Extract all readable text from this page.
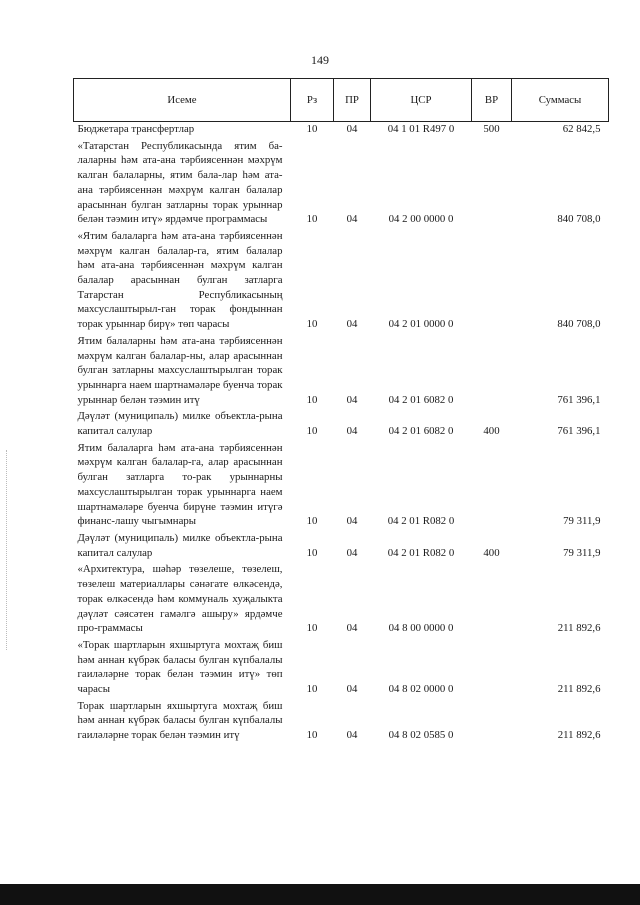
149
Исеме	Рз	ПР	ЦСР	ВР	Суммасы
Бюджетара трансфертлар	10	04	04 1 01 R497 0	500	62 842,5
«Татарстан Республикасында ятим ба-лаларны һәм ата-ана тәрбиясеннән мәхрүм калган балаларны, ятим бала-лар һәм ата-ана тәрбиясеннән мәхрүм калган балалар арасыннан булган затларны торак урыннар белән тәэмин итү» ярдәмче программасы	10	04	04 2 00 0000 0		840 708,0
«Ятим балаларга һәм ата-ана тәрбиясеннән мәхрүм калган балалар-га, ятим балалар һәм ата-ана тәрбиясеннән мәхрүм калган балалар арасыннан булган затларга Татарстан Республикасының махсуслаштырыл-ган торак фондыннан торак урыннар бирү» төп чарасы	10	04	04 2 01 0000 0		840 708,0
Ятим балаларны һәм ата-ана тәрбиясеннән мәхрүм калган балалар-ны, алар арасыннан булган затларны махсуслаштырылган торак урыннарга наем шартнамәләре буенча торак урыннар белән тәэмин итү	10	04	04 2 01 6082 0		761 396,1
Дәүләт (муниципаль) милке объектла-рына капитал салулар	10	04	04 2 01 6082 0	400	761 396,1
Ятим балаларга һәм ата-ана тәрбиясеннән мәхрүм калган балалар-га, алар арасыннан булган затларга то-рак урыннарны махсуслаштырылган торак урыннарга наем шартнамәләре буенча бирүне тәэмин итүгә финанс-лашу чыгымнары	10	04	04 2 01 R082 0		79 311,9
Дәүләт (муниципаль) милке объектла-рына капитал салулар	10	04	04 2 01 R082 0	400	79 311,9
«Архитектура, шәһәр төзелеше, төзелеш, төзелеш материаллары сәнәгате өлкәсендә, торак өлкәсендә һәм коммуналь хуҗалыкта дәүләт сәясәтен гамәлгә ашыру» ярдәмче про-граммасы	10	04	04 8 00 0000 0		211 892,6
«Торак шартларын яхшыртуга мохтаҗ биш һәм аннан күбрәк баласы булган күпбалалы гаиләләрне торак белән тәэмин итү» төп чарасы	10	04	04 8 02 0000 0		211 892,6
Торак шартларын яхшыртуга мохтаҗ биш һәм аннан күбрәк баласы булган күпбалалы гаиләләрне торак белән тәэмин итү	10	04	04 8 02 0585 0		211 892,6
